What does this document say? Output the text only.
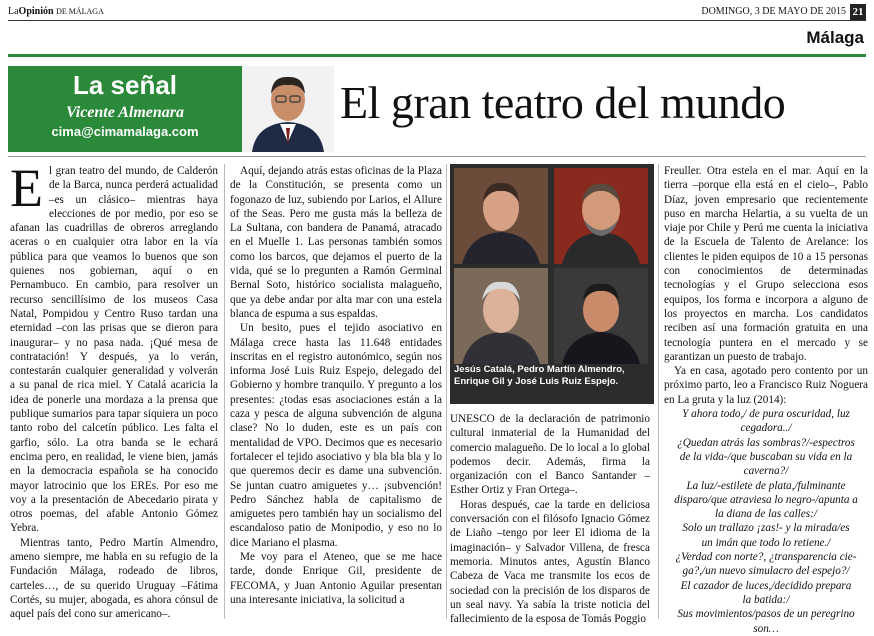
LaOpinión DE MÁLAGA	DOMINGO, 3 DE MAYO DE 2015 21
Málaga
La señal
Vicente Almenara
cima@cimamalaga.com
El gran teatro del mundo
E l gran teatro del mundo, de Calderón de la Barca, nunca perderá actualidad –es un clásico– mientras haya elecciones de por medio, por eso se afanan las cuadrillas de obreros arreglando aceras o en cualquier otra labor en la vía pública para que veamos lo buenos que son quienes nos gobiernan, aquí o en Pernambuco. En cambio, para resolver un recurso sencillísimo de los museos Casa Natal, Pompidou y Centro Ruso tardan una eternidad –con las prisas que se dieron para inaugurar– y no pasa nada. ¡Qué mesa de contratación! Y después, ya lo verán, contestarán cualquier generalidad y volverán a su panal de rica miel. Y Catalá acaricia la idea de ponerle una mordaza a la prensa que publique sumarios para tapar siquiera un poco tanto robo del calcetín público. Les falta el garfio, sólo. La otra banda se le echará encima pero, en realidad, le viene bien, jamás en la democracia española se ha conocido mayor latrocinio que los EREs. Por eso me voy a la presentación de Abecedario pirata y otros poemas, del afable Antonio Gómez Yebra.

Mientras tanto, Pedro Martín Almendro, ameno siempre, me habla en su refugio de la Fundación Málaga, rodeado de libros, carteles…, de su querido Uruguay –Fátima Cortés, su mujer, abogada, es ahora cónsul de aquel país del cono sur americano–.

Aquí, dejando atrás estas oficinas de la Plaza de la Constitución, se presenta como un fogonazo de luz, subiendo por Larios, el Allure of the Seas. Pero me gusta más la belleza de La Sultana, con bandera de Panamá, atracado en el Muelle 1. Las personas también somos como los barcos, que dejamos el puerto de la vida, qué se lo pregunten a Ramón Germinal Bernal Soto, histórico socialista malagueño, que ya debe andar por alta mar con una estela blanca de espuma a sus espaldas.

Un besito, pues el tejido asociativo en Málaga crece hasta las 11.648 entidades inscritas en el registro autonómico, según nos informa José Luis Ruiz Espejo, delegado del Gobierno y hombre tranquilo. Y pregunto a los presentes: ¿todas esas asociaciones están a la caza y pesca de alguna subvención de alguna clase? No lo duden, este es un país con mentalidad de VPO. Decimos que es necesario fortalecer el tejido asociativo y bla bla bla y lo que queremos decir es dame una subvención. Se juntan cuatro amiguetes y… ¡subvención! Pedro Sánchez habla de capitalismo de amiguetes pero también hay un socialismo del escandaloso patio de Monipodio, y eso no lo dice Mariano el plasma.

Me voy para el Ateneo, que se me hace tarde, donde Enrique Gil, presidente de FECOMA, y Juan Antonio Aguilar presentan una interesante iniciativa, la solicitud a

Jesús Catalá, Pedro Martín Almendro, Enrique Gil y José Luis Ruiz Espejo.

UNESCO de la declaración de patrimonio cultural inmaterial de la Humanidad del comercio malagueño. De lo local a lo global podemos decir. Además, firma la organización con el Banco Santander –Esther Ortiz y Fran Ortega–.

Horas después, cae la tarde en deliciosa conversación con el filósofo Ignacio Gómez de Liaño –tengo por leer El idioma de la imaginación– y Salvador Villena, de fresca memoria. Minutos antes, Agustín Blanco Cabeza de Vaca me transmite los ecos de sociedad con la precisión de los disparos de un seal navy. Ya sabía la triste noticia del fallecimiento de la esposa de Tomás Poggio

Freuller. Otra estela en el mar. Aquí en la tierra –porque ella está en el cielo–, Pablo Díaz, joven empresario que recientemente puso en marcha Helartia, a su vuelta de un viaje por Chile y Perú me cuenta la iniciativa de la Escuela de Talento de Arelance: los clientes le piden equipos de 10 a 15 personas con conocimientos de determinadas tecnologías y el Grupo selecciona esos equipos, los forma e incorpora a alguno de los proyectos en marcha. Los candidatos reciben así una formación gratuita en una tecnología puntera en el mercado y se garantizan un puesto de trabajo.

Ya en casa, agotado pero contento por un próximo parto, leo a Francisco Ruiz Noguera en La gruta y la luz (2014):

Y ahora todo,/ de pura oscuridad, luz
cegadora../
¿Quedan atrás las sombras?/-espectros
de la vida-/que buscaban su vida en la
caverna?/
La luz/-estilete de plata,/fulminante
disparo/que atraviesa lo negro-/apunta a
la diana de las calles:/
Solo un trallazo ¡zas!- y la mirada/es
un imán que todo lo retiene./
¿Verdad con norte?, ¿transparencia cie-
ga?,/un nuevo simulacro del espejo?/
El cazador de luces,/decidido prepara
la batida:/
Sus movimientos/pasos de un peregrino
son…
